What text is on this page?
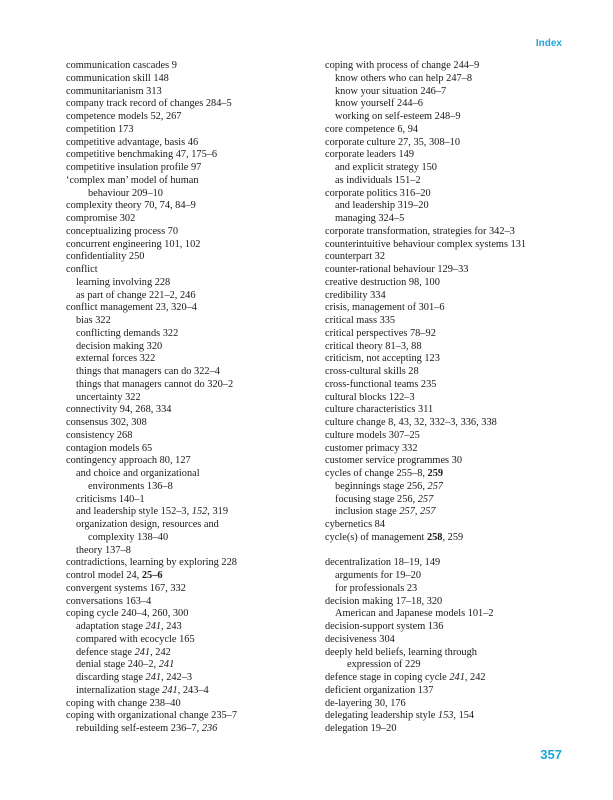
Index
communication cascades 9
communication skill 148
communitarianism 313
company track record of changes 284–5
competence models 52, 267
competition 173
competitive advantage, basis 46
competitive benchmaking 47, 175–6
competitive insulation profile 97
‘complex man’ model of human
behaviour 209–10
complexity theory 70, 74, 84–9
compromise 302
conceptualizing process 70
concurrent engineering 101, 102
confidentiality 250
conflict
learning involving 228
as part of change 221–2, 246
conflict management 23, 320–4
bias 322
conflicting demands 322
decision making 320
external forces 322
things that managers can do 322–4
things that managers cannot do 320–2
uncertainty 322
connectivity 94, 268, 334
consensus 302, 308
consistency 268
contagion models 65
contingency approach 80, 127
and choice and organizational
environments 136–8
criticisms 140–1
and leadership style 152–3, 152, 319
organization design, resources and
complexity 138–40
theory 137–8
contradictions, learning by exploring 228
control model 24, 25–6
convergent systems 167, 332
conversations 163–4
coping cycle 240–4, 260, 300
adaptation stage 241, 243
compared with ecocycle 165
defence stage 241, 242
denial stage 240–2, 241
discarding stage 241, 242–3
internalization stage 241, 243–4
coping with change 238–40
coping with organizational change 235–7
rebuilding self-esteem 236–7, 236
coping with process of change 244–9
know others who can help 247–8
know your situation 246–7
know yourself 244–6
working on self-esteem 248–9
core competence 6, 94
corporate culture 27, 35, 308–10
corporate leaders 149
and explicit strategy 150
as individuals 151–2
corporate politics 316–20
and leadership 319–20
managing 324–5
corporate transformation, strategies for 342–3
counterintuitive behaviour complex systems 131
counterpart 32
counter-rational behaviour 129–33
creative destruction 98, 100
credibility 334
crisis, management of 301–6
critical mass 335
critical perspectives 78–92
critical theory 81–3, 88
criticism, not accepting 123
cross-cultural skills 28
cross-functional teams 235
cultural blocks 122–3
culture characteristics 311
culture change 8, 43, 32, 332–3, 336, 338
culture models 307–25
customer primacy 332
customer service programmes 30
cycles of change 255–8, 259
beginnings stage 256, 257
focusing stage 256, 257
inclusion stage 257, 257
cybernetics 84
cycle(s) of management 258, 259
decentralization 18–19, 149
arguments for 19–20
for professionals 23
decision making 17–18, 320
American and Japanese models 101–2
decision-support system 136
decisiveness 304
deeply held beliefs, learning through
expression of 229
defence stage in coping cycle 241, 242
deficient organization 137
de-layering 30, 176
delegating leadership style 153, 154
delegation 19–20
357
